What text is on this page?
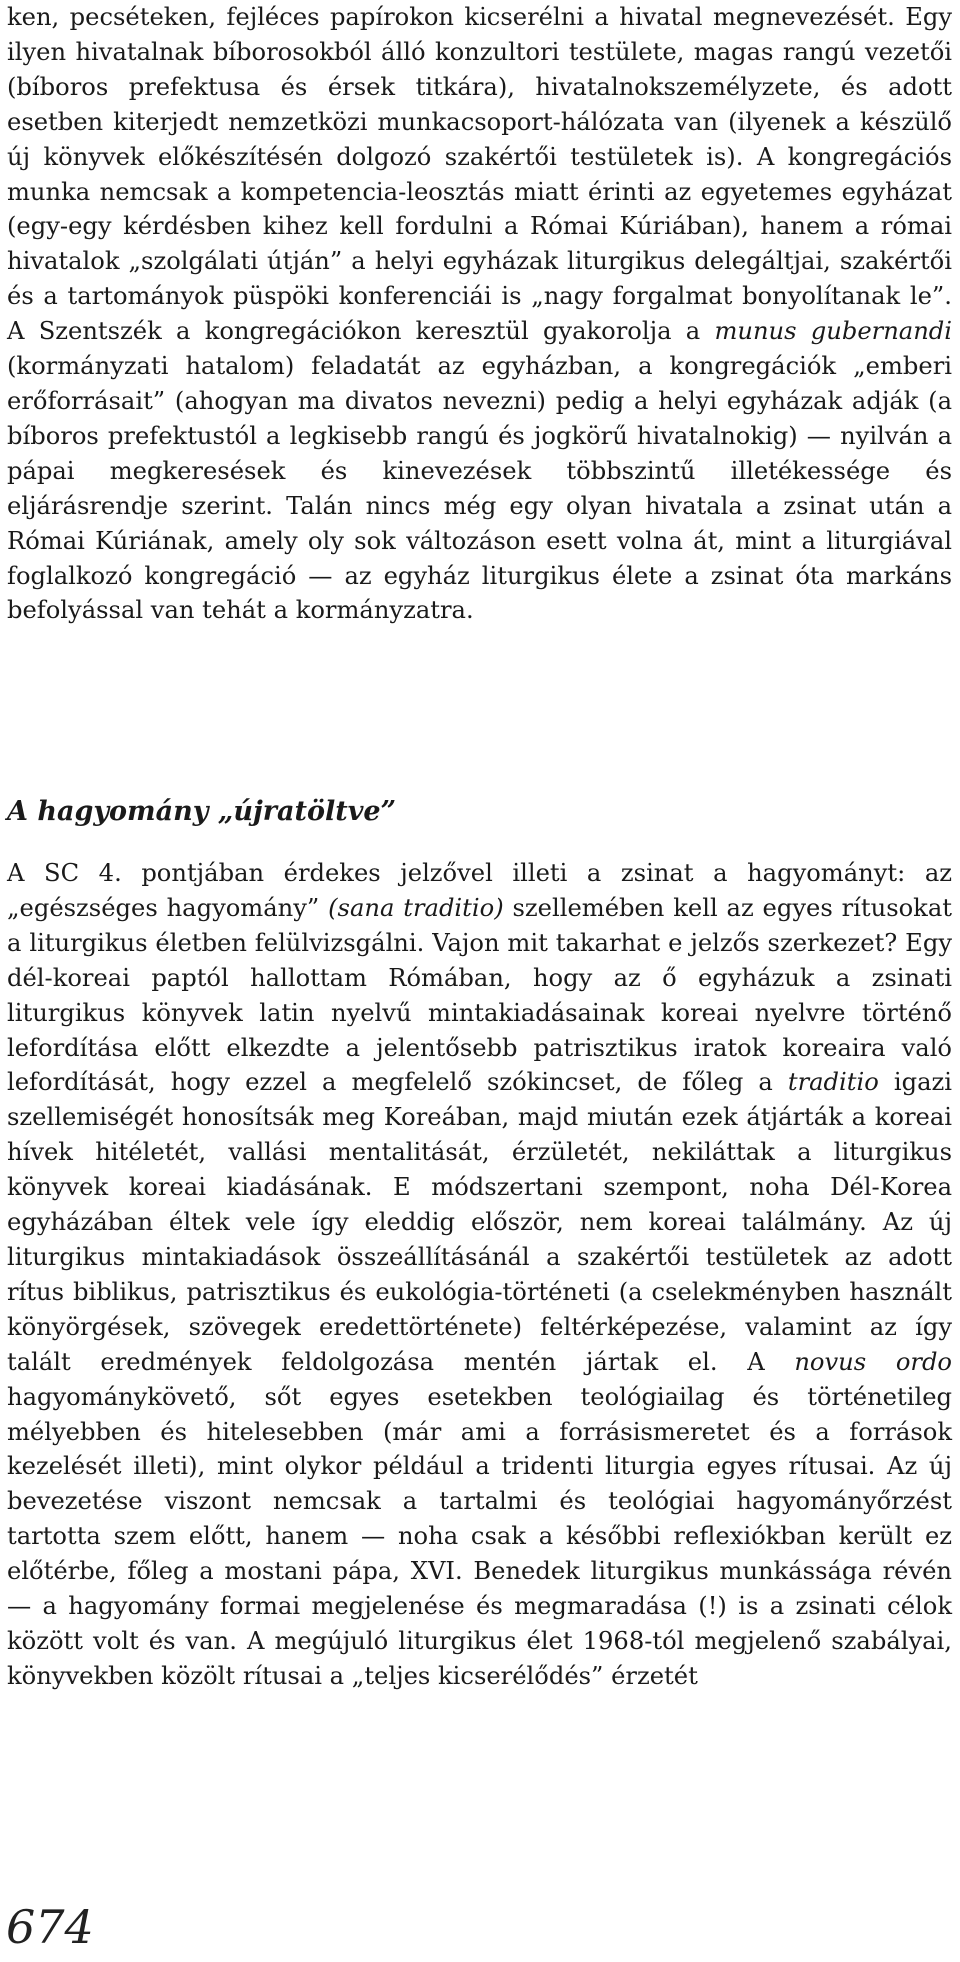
ken, pecséteken, fejléces papírokon kicserélni a hivatal megnevezését. Egy ilyen hivatalnak bíborosokból álló konzultori testülete, magas rangú vezetői (bíboros prefektusa és érsek titkára), hivatalnokszemélyzete, és adott esetben kiterjedt nemzetközi munkacsoport-hálózata van (ilyenek a készülő új könyvek előkészítésén dolgozó szakértői testületek is). A kongregációs munka nemcsak a kompetencia-leosztás miatt érinti az egyetemes egyházat (egy-egy kérdésben kihez kell fordulni a Római Kúriában), hanem a római hivatalok „szolgálati útján” a helyi egyházak liturgikus delegáltjai, szakértői és a tartományok püspöki konferenciái is „nagy forgalmat bonyolítanak le”. A Szentszék a kongregációkon keresztül gyakorolja a munus gubernandi (kormányzati hatalom) feladatát az egyházban, a kongregációk „emberi erőforrásait” (ahogyan ma divatos nevezni) pedig a helyi egyházak adják (a bíboros prefektustól a legkisebb rangú és jogkörű hivatalnokig) — nyilván a pápai megkeresések és kinevezések többszintű illetékessége és eljárásrendje szerint. Talán nincs még egy olyan hivatala a zsinat után a Római Kúriának, amely oly sok változáson esett volna át, mint a liturgiával foglalkozó kongregáció — az egyház liturgikus élete a zsinat óta markáns befolyással van tehát a kormányzatra.

A hagyomány „újratöltve”

A SC 4. pontjában érdekes jelzővel illeti a zsinat a hagyományt: az „egészséges hagyomány” (sana traditio) szellemében kell az egyes rítusokat a liturgikus életben felülvizsgálni. Vajon mit takarhat e jelzős szerkezet? Egy dél-koreai paptól hallottam Rómában, hogy az ő egyházuk a zsinati liturgikus könyvek latin nyelvű mintakiadásainak koreai nyelvre történő lefordítása előtt elkezdte a jelentősebb patrisztikus iratok koreaira való lefordítását, hogy ezzel a megfelelő szókincset, de főleg a traditio igazi szellemiségét honosítsák meg Koreában, majd miután ezek átjárták a koreai hívek hitéletét, vallási mentalitását, érzületét, nekiláttak a liturgikus könyvek koreai kiadásának. E módszertani szempont, noha Dél-Korea egyházában éltek vele így eleddig először, nem koreai találmány. Az új liturgikus mintakiadások összeállításánál a szakértői testületek az adott rítus biblikus, patrisztikus és eukológia-történeti (a cselekményben használt könyörgések, szövegek eredettörténete) feltérképezése, valamint az így talált eredmények feldolgozása mentén jártak el. A novus ordo hagyománykövető, sőt egyes esetekben teológiailag és történetileg mélyebben és hitelesebben (már ami a forrásismeretet és a források kezelését illeti), mint olykor például a tridenti liturgia egyes rítusai. Az új bevezetése viszont nemcsak a tartalmi és teológiai hagyományőrzést tartotta szem előtt, hanem — noha csak a későbbi reflexiókban került ez előtérbe, főleg a mostani pápa, XVI. Benedek liturgikus munkássága révén — a hagyomány formai megjelenése és megmaradása (!) is a zsinati célok között volt és van. A megújuló liturgikus élet 1968-tól megjelenő szabályai, könyvekben közölt rítusai a „teljes kicserélődés” érzetét

674
